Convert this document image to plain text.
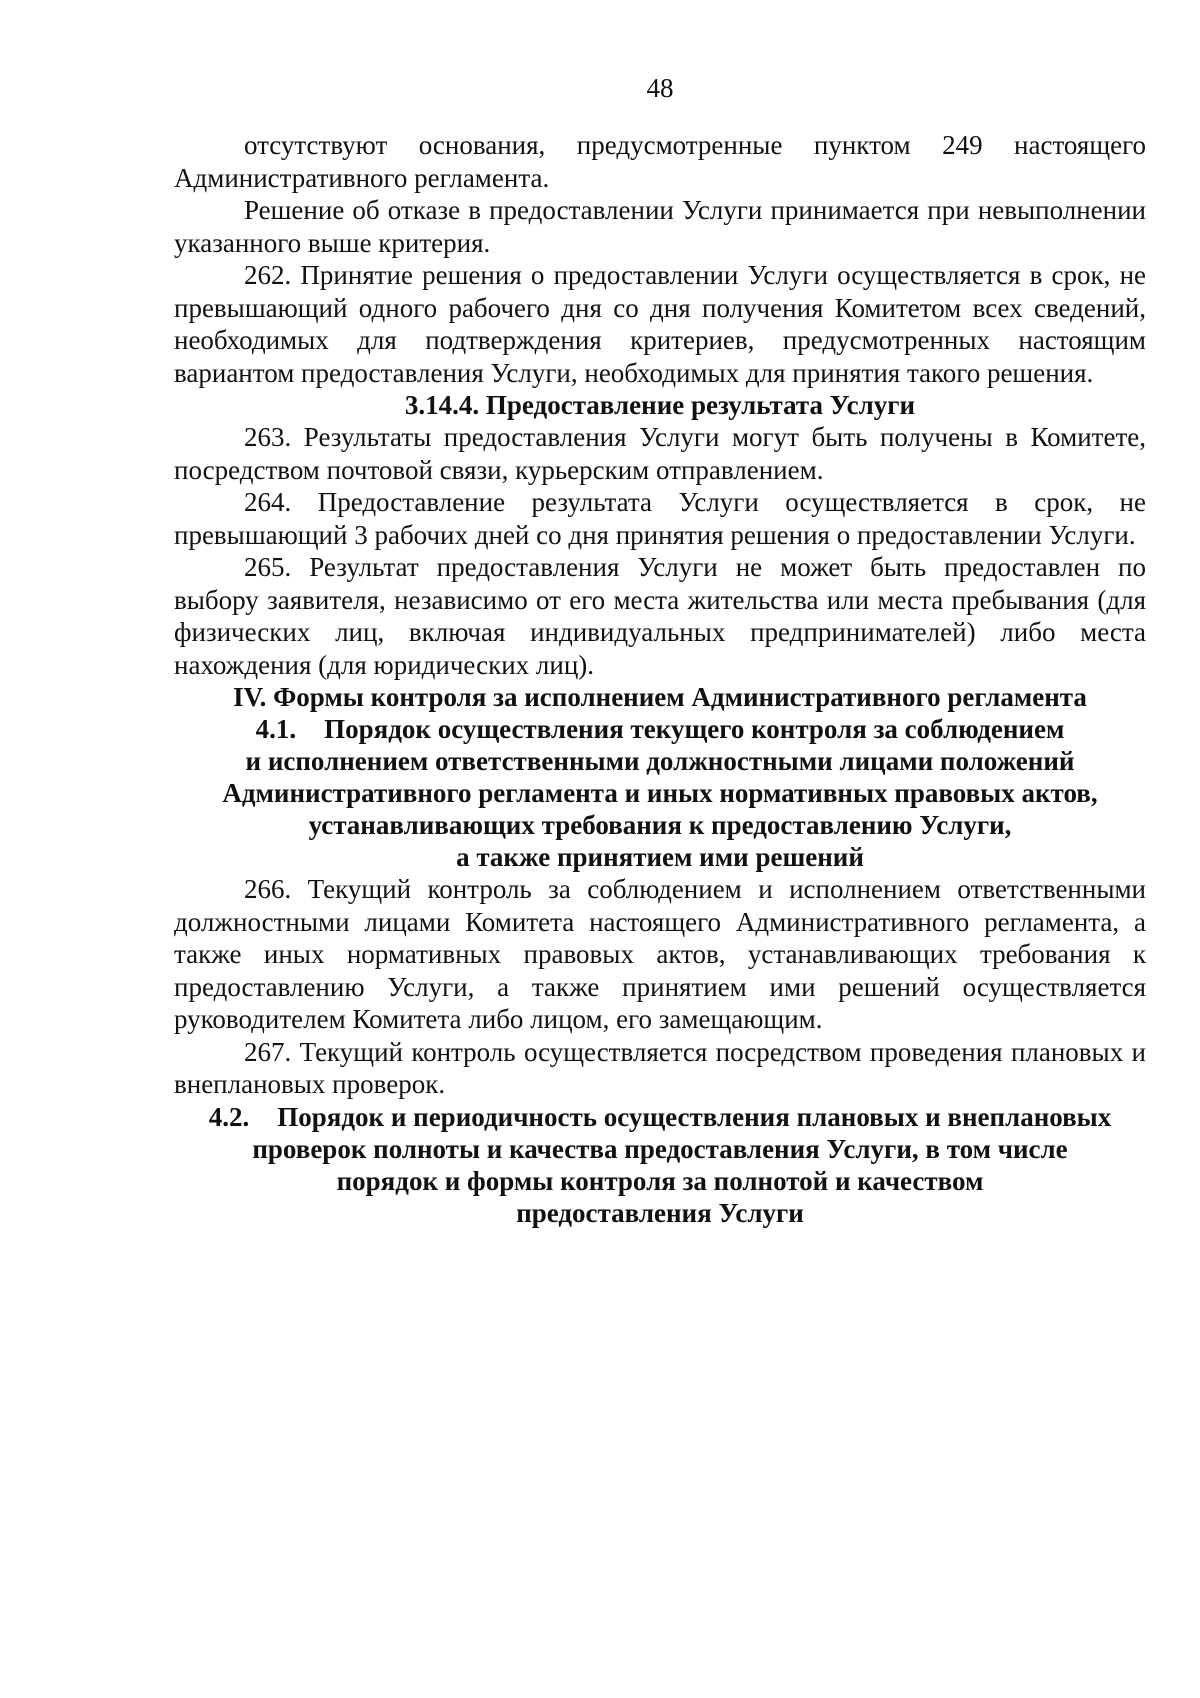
48

отсутствуют основания, предусмотренные пунктом 249 настоящего Административного регламента.

Решение об отказе в предоставлении Услуги принимается при невыполнении указанного выше критерия.

262. Принятие решения о предоставлении Услуги осуществляется в срок, не превышающий одного рабочего дня со дня получения Комитетом всех сведений, необходимых для подтверждения критериев, предусмотренных настоящим вариантом предоставления Услуги, необходимых для принятия такого решения.

3.14.4. Предоставление результата Услуги

263. Результаты предоставления Услуги могут быть получены в Комитете, посредством почтовой связи, курьерским отправлением.

264. Предоставление результата Услуги осуществляется в срок, не превышающий 3 рабочих дней со дня принятия решения о предоставлении Услуги.

265. Результат предоставления Услуги не может быть предоставлен по выбору заявителя, независимо от его места жительства или места пребывания (для физических лиц, включая индивидуальных предпринимателей) либо места нахождения (для юридических лиц).

IV. Формы контроля за исполнением Административного регламента
4.1. Порядок осуществления текущего контроля за соблюдением
и исполнением ответственными должностными лицами положений
Административного регламента и иных нормативных правовых актов,
устанавливающих требования к предоставлению Услуги,
а также принятием ими решений

266. Текущий контроль за соблюдением и исполнением ответственными должностными лицами Комитета настоящего Административного регламента, а также иных нормативных правовых актов, устанавливающих требования к предоставлению Услуги, а также принятием ими решений осуществляется руководителем Комитета либо лицом, его замещающим.

267. Текущий контроль осуществляется посредством проведения плановых и внеплановых проверок.

4.2. Порядок и периодичность осуществления плановых и внеплановых
проверок полноты и качества предоставления Услуги, в том числе
порядок и формы контроля за полнотой и качеством
предоставления Услуги
